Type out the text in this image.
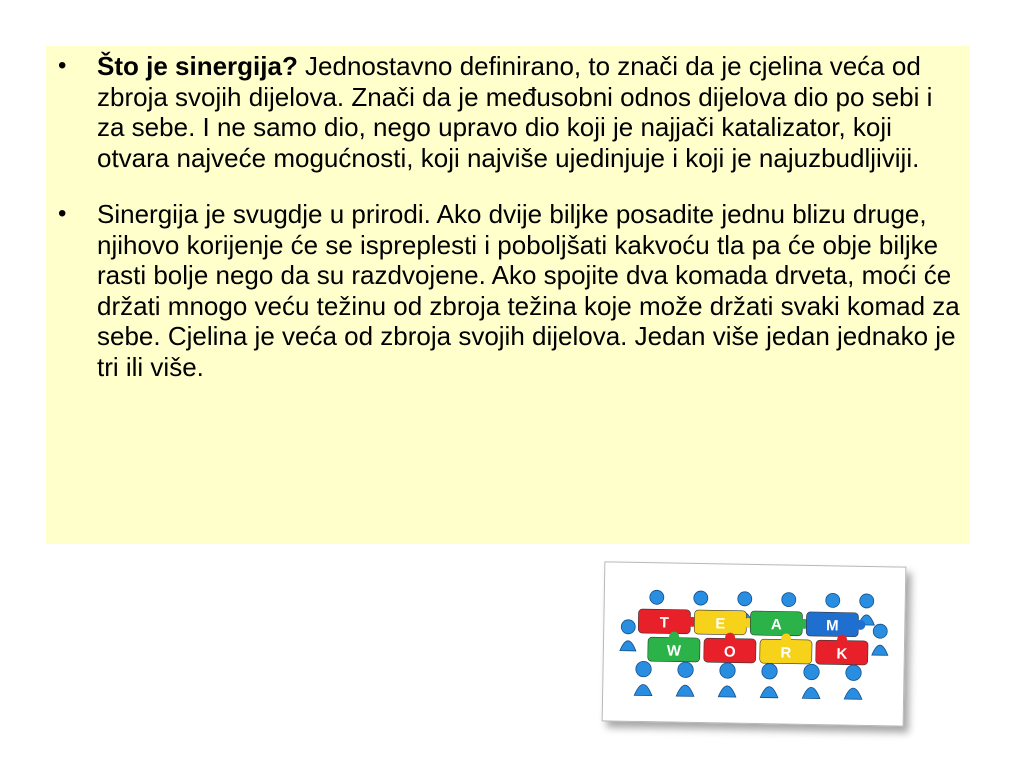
• Što je sinergija? Jednostavno definirano, to znači da je cjelina veća od zbroja svojih dijelova. Znači da je međusobni odnos dijelova dio po sebi i za sebe. I ne samo dio, nego upravo dio koji je najjači katalizator, koji otvara najveće mogućnosti, koji najviše ujedinjuje i koji je najuzbudljiviji.
• Sinergija je svugdje u prirodi. Ako dvije biljke posadite jednu blizu druge, njihovo korijenje će se ispreplesti i poboljšati kakvoću tla pa će obje biljke rasti bolje nego da su razdvojene. Ako spojite dva komada drveta, moći će držati mnogo veću težinu od zbroja težina koje može držati svaki komad za sebe. Cjelina je veća od zbroja svojih dijelova. Jedan više jedan jednako je tri ili više.
T	E	A	M
W	O	R	K
